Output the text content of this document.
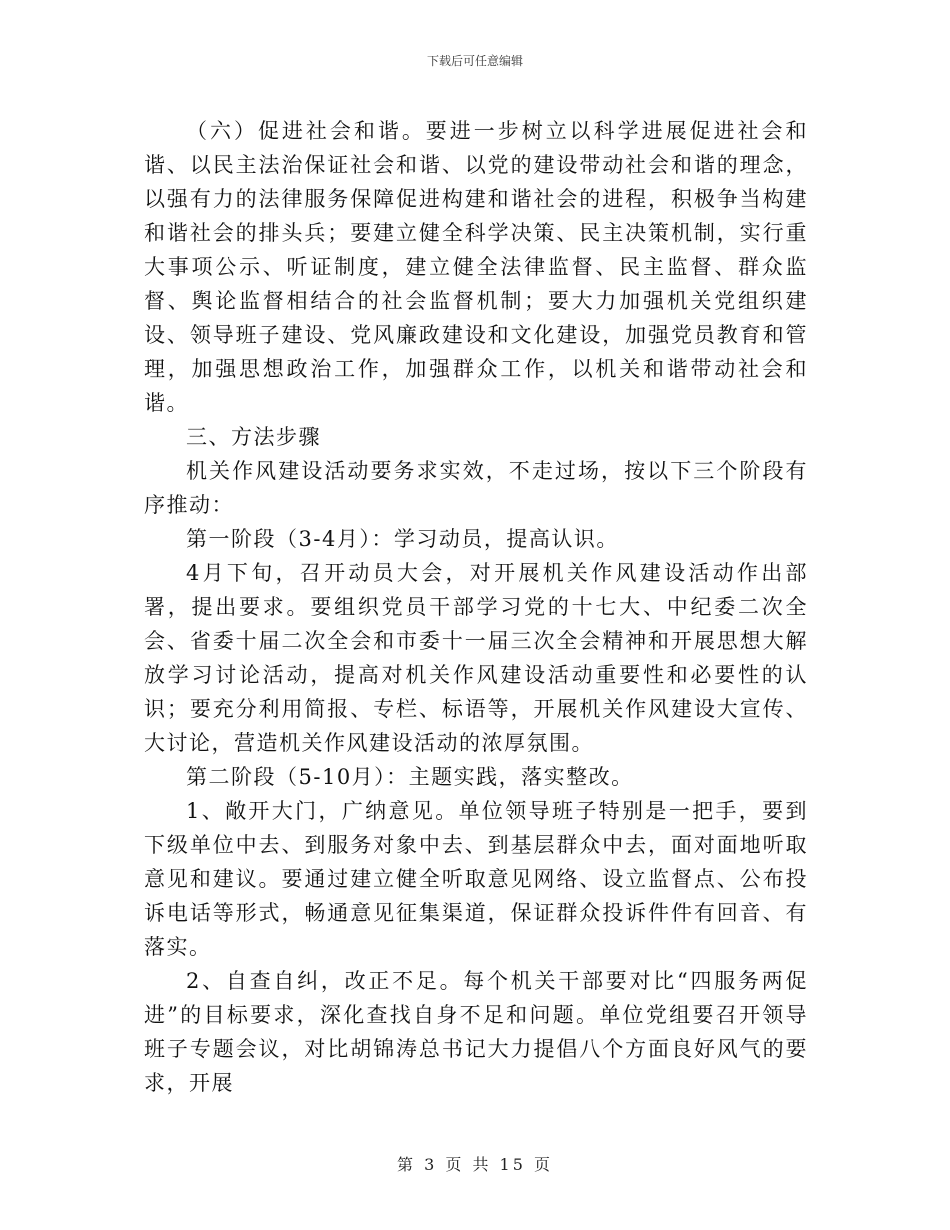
下载后可任意编辑

（六）促进社会和谐。要进一步树立以科学进展促进社会和谐、以民主法治保证社会和谐、以党的建设带动社会和谐的理念，以强有力的法律服务保障促进构建和谐社会的进程，积极争当构建和谐社会的排头兵；要建立健全科学决策、民主决策机制，实行重大事项公示、听证制度，建立健全法律监督、民主监督、群众监督、舆论监督相结合的社会监督机制；要大力加强机关党组织建设、领导班子建设、党风廉政建设和文化建设，加强党员教育和管理，加强思想政治工作，加强群众工作，以机关和谐带动社会和谐。

三、方法步骤

机关作风建设活动要务求实效，不走过场，按以下三个阶段有序推动：

第一阶段（3-4月）：学习动员，提高认识。

4月下旬，召开动员大会，对开展机关作风建设活动作出部署，提出要求。要组织党员干部学习党的十七大、中纪委二次全会、省委十届二次全会和市委十一届三次全会精神和开展思想大解放学习讨论活动，提高对机关作风建设活动重要性和必要性的认识；要充分利用简报、专栏、标语等，开展机关作风建设大宣传、大讨论，营造机关作风建设活动的浓厚氛围。

第二阶段（5-10月）：主题实践，落实整改。

1、敞开大门，广纳意见。单位领导班子特别是一把手，要到下级单位中去、到服务对象中去、到基层群众中去，面对面地听取意见和建议。要通过建立健全听取意见网络、设立监督点、公布投诉电话等形式，畅通意见征集渠道，保证群众投诉件件有回音、有落实。

2、自查自纠，改正不足。每个机关干部要对比“四服务两促进”的目标要求，深化查找自身不足和问题。单位党组要召开领导班子专题会议，对比胡锦涛总书记大力提倡八个方面良好风气的要求，开展

第 3 页 共 15 页
